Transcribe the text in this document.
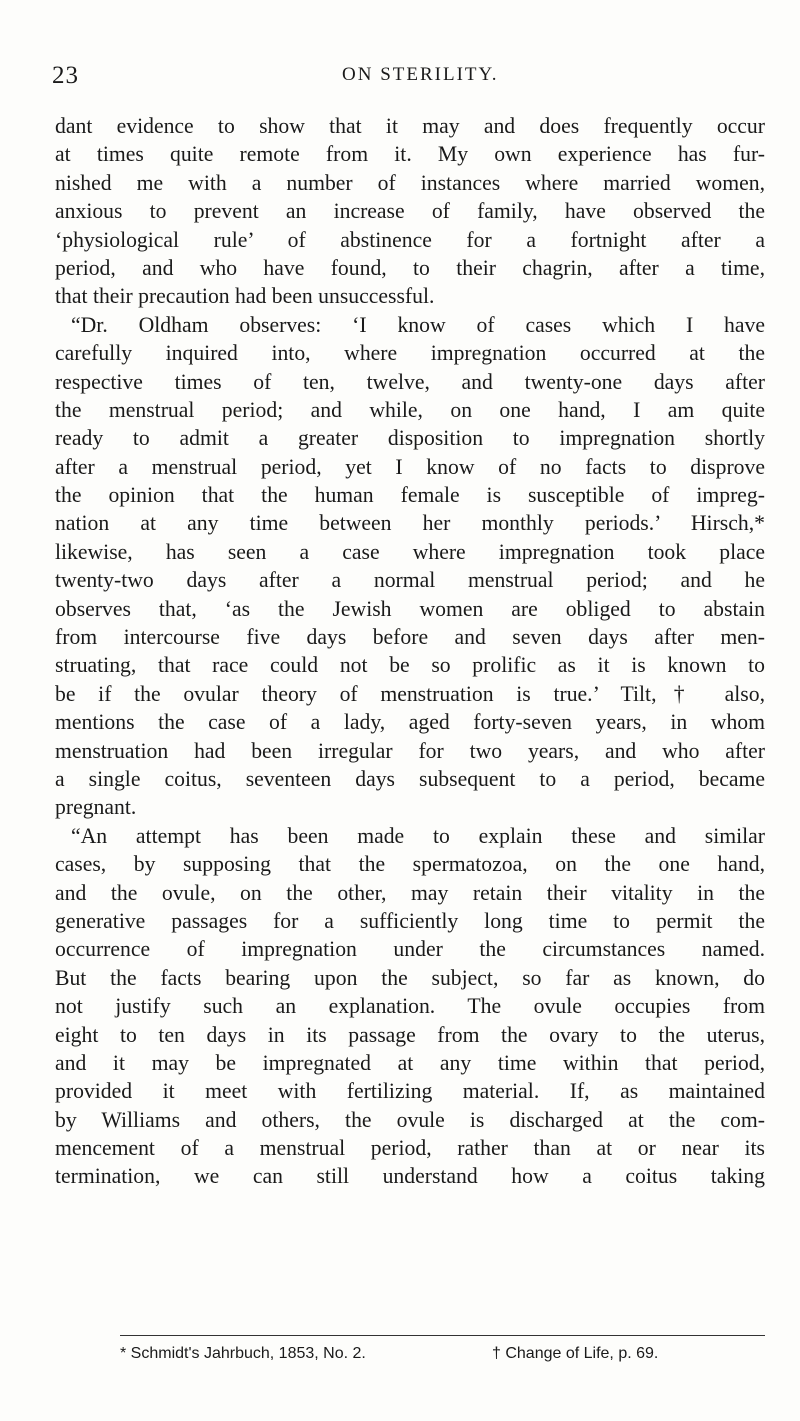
23	ON STERILITY.
dant evidence to show that it may and does frequently occur
at times quite remote from it. My own experience has fur-
nished me with a number of instances where married women,
anxious to prevent an increase of family, have observed the
‘physiological rule’ of abstinence for a fortnight after a
period, and who have found, to their chagrin, after a time,
that their precaution had been unsuccessful.
“Dr. Oldham observes: ‘I know of cases which I have
carefully inquired into, where impregnation occurred at the
respective times of ten, twelve, and twenty-one days after
the menstrual period; and while, on one hand, I am quite
ready to admit a greater disposition to impregnation shortly
after a menstrual period, yet I know of no facts to disprove
the opinion that the human female is susceptible of impreg-
nation at any time between her monthly periods.’ Hirsch,*
likewise, has seen a case where impregnation took place
twenty-two days after a normal menstrual period; and he
observes that, ‘as the Jewish women are obliged to abstain
from intercourse five days before and seven days after men-
struating, that race could not be so prolific as it is known to
be if the ovular theory of menstruation is true.’ Tilt,† also,
mentions the case of a lady, aged forty-seven years, in whom
menstruation had been irregular for two years, and who after
a single coitus, seventeen days subsequent to a period, became
pregnant.
“An attempt has been made to explain these and similar
cases, by supposing that the spermatozoa, on the one hand,
and the ovule, on the other, may retain their vitality in the
generative passages for a sufficiently long time to permit the
occurrence of impregnation under the circumstances named.
But the facts bearing upon the subject, so far as known, do
not justify such an explanation. The ovule occupies from
eight to ten days in its passage from the ovary to the uterus,
and it may be impregnated at any time within that period,
provided it meet with fertilizing material. If, as maintained
by Williams and others, the ovule is discharged at the com-
mencement of a menstrual period, rather than at or near its
termination, we can still understand how a coitus taking
* Schmidt's Jahrbuch, 1853, No. 2.	† Change of Life, p. 69.
